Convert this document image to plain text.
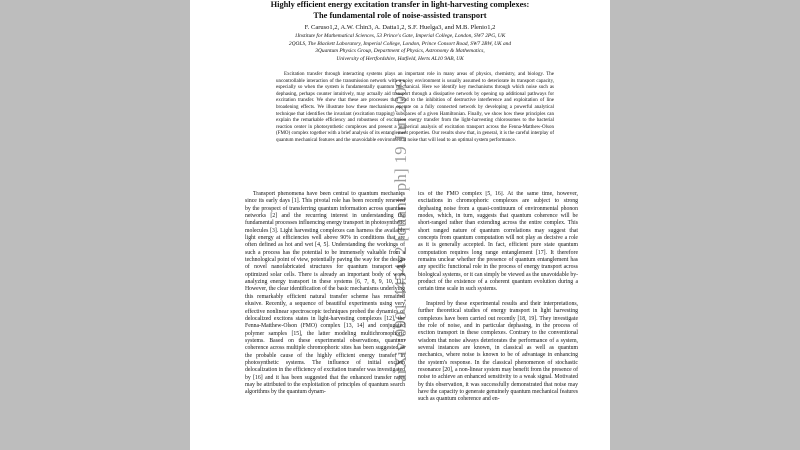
arXiv:0901.4454v2 [quant-ph] 19 Jun 2009
Highly efficient energy excitation transfer in light-harvesting complexes:
The fundamental role of noise-assisted transport
F. Caruso1,2, A.W. Chin3, A. Datta1,2, S.F. Huelga3, and M.B. Plenio1,2
1Institute for Mathematical Sciences, 53 Prince's Gate, Imperial College, London, SW7 2PG, UK
2QOLS, The Blackett Laboratory, Imperial College, London, Prince Consort Road, SW7 2BW, UK and
3Quantum Physics Group, Department of Physics, Astronomy & Mathematics,
University of Hertfordshire, Hatfield, Herts AL10 9AB, UK
Excitation transfer through interacting systems plays an important role in many areas of physics, chemistry, and biology. The uncontrollable interaction of the transmission network with a noisy environment is usually assumed to deteriorate its transport capacity, especially so when the system is fundamentally quantum mechanical. Here we identify key mechanisms through which noise such as dephasing, perhaps counter intuitively, may actually aid transport through a dissipative network by opening up additional pathways for excitation transfer. We show that these are processes that lead to the inhibition of destructive interference and exploitation of line broadening effects. We illustrate how these mechanisms operate on a fully connected network by developing a powerful analytical technique that identifies the invariant (excitation trapping) subspaces of a given Hamiltonian. Finally, we show how these principles can explain the remarkable efficiency and robustness of excitation energy transfer from the light-harvesting chlorosomes to the bacterial reaction center in photosynthetic complexes and present a numerical analysis of excitation transport across the Fenna-Matthew-Olson (FMO) complex together with a brief analysis of its entanglement properties. Our results show that, in general, it is the careful interplay of quantum mechanical features and the unavoidable environmental noise that will lead to an optimal system performance.

Transport phenomena have been central to quantum mechanics since its early days [1]. This pivotal role has been recently renewed by the prospect of transferring quantum information across quantum networks [2] and the recurring interest in understanding the fundamental processes influencing energy transport in photosynthetic molecules [3]. Light harvesting complexes can harness the available light energy at efficiencies well above 90% in conditions that are often defined as hot and wet [4, 5]. Understanding the workings of such a process has the potential to be immensely valuable from a technological point of view, potentially paving the way for the design of novel nanofabricated structures for quantum transport and optimized solar cells. There is already an important body of work analyzing energy transport in these systems [6, 7, 8, 9, 10, 11]. However, the clear identification of the basic mechanisms underlying this remarkably efficient natural transfer scheme has remained elusive. Recently, a sequence of beautiful experiments using very effective nonlinear spectroscopic techniques probed the dynamics of delocalized excitons states in light-harvesting complexes [12], the Fenna-Matthew-Olson (FMO) complex [13, 14] and conjugated polymer samples [15], the latter modeling multichromophoric systems. Based on these experimental observations, quantum coherence across multiple chromophoric sites has been suggested as the probable cause of the highly efficient energy transfer in photosynthetic systems. The influence of initial exciton delocalization in the efficiency of excitation transfer was investigated by [16] and it has been suggested that the enhanced transfer rates may be attributed to the exploitation of principles of quantum search algorithms by the quantum dynam-

ics of the FMO complex [5, 16]. At the same time, however, excitations in chromophoric complexes are subject to strong dephasing noise from a quasi-continuum of environmental phonon modes, which, in turn, suggests that quantum coherence will be short-ranged rather than extending across the entire complex. This short ranged nature of quantum correlations may suggest that concepts from quantum computation will not play as decisive a role as it is generally accepted. In fact, efficient pure state quantum computation requires long range entanglement [17]. It therefore remains unclear whether the presence of quantum entanglement has any specific functional role in the process of energy transport across biological systems, or it can simply be viewed as the unavoidable by-product of the existence of a coherent quantum evolution during a certain time scale in such systems.

Inspired by these experimental results and their interpretations, further theoretical studies of energy transport in light harvesting complexes have been carried out recently [18, 19]. They investigate the role of noise, and in particular dephasing, in the process of exciton transport in these complexes. Contrary to the conventional wisdom that noise always deteriorates the performance of a system, several instances are known, in classical as well as quantum mechanics, where noise is known to be of advantage in enhancing the system's response. In the classical phenomenon of stochastic resonance [20], a non-linear system may benefit from the presence of noise to achieve an enhanced sensitivity to a weak signal. Motivated by this observation, it was successfully demonstrated that noise may have the capacity to generate genuinely quantum mechanical features such as quantum coherence and en-
